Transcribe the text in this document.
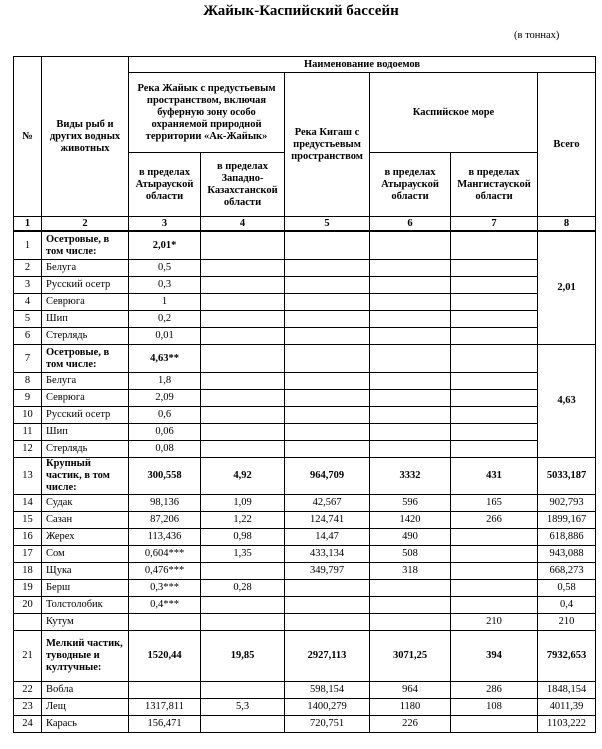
Жайык-Каспийский бассейн
(в тоннах)
№	Виды рыб и других водных животных	Наименование водоемов					
		Река Жайык с предустьевым пространством, включая буферную зону особо охраняемой природной территории «Ак-Жайык»		Река Кигаш с предустьевым пространством	Каспийское море		Всего
		в пределах Атырауской области	в пределах Западно-Казахстанской области		в пределах Атырауской области	в пределах Мангистауской области	
1	2	3	4	5	6	7	8
1	Осетровые, в том числе:	2,01*					2,01
2	Белуга	0,5					
3	Русский осетр	0,3					
4	Севрюга	1					
5	Шип	0,2					
6	Стерлядь	0,01					
7	Осетровые, в том числе:	4,63**					4,63
8	Белуга	1,8					
9	Севрюга	2,09					
10	Русский осетр	0,6					
11	Шип	0,06					
12	Стерлядь	0,08					
13	Крупный частик, в том числе:	300,558	4,92	964,709	3332	431	5033,187
14	Судак	98,136	1,09	42,567	596	165	902,793
15	Сазан	87,206	1,22	124,741	1420	266	1899,167
16	Жерех	113,436	0,98	14,47	490		618,886
17	Сом	0,604***	1,35	433,134	508		943,088
18	Щука	0,476***		349,797	318		668,273
19	Берш	0,3***	0,28				0,58
20	Толстолобик	0,4***					0,4
	Кутум					210	210
21	Мелкий частик, туводные и култучные:	1520,44	19,85	2927,113	3071,25	394	7932,653
22	Вобла			598,154	964	286	1848,154
23	Лещ	1317,811	5,3	1400,279	1180	108	4011,39
24	Карась	156,471		720,751	226		1103,222
